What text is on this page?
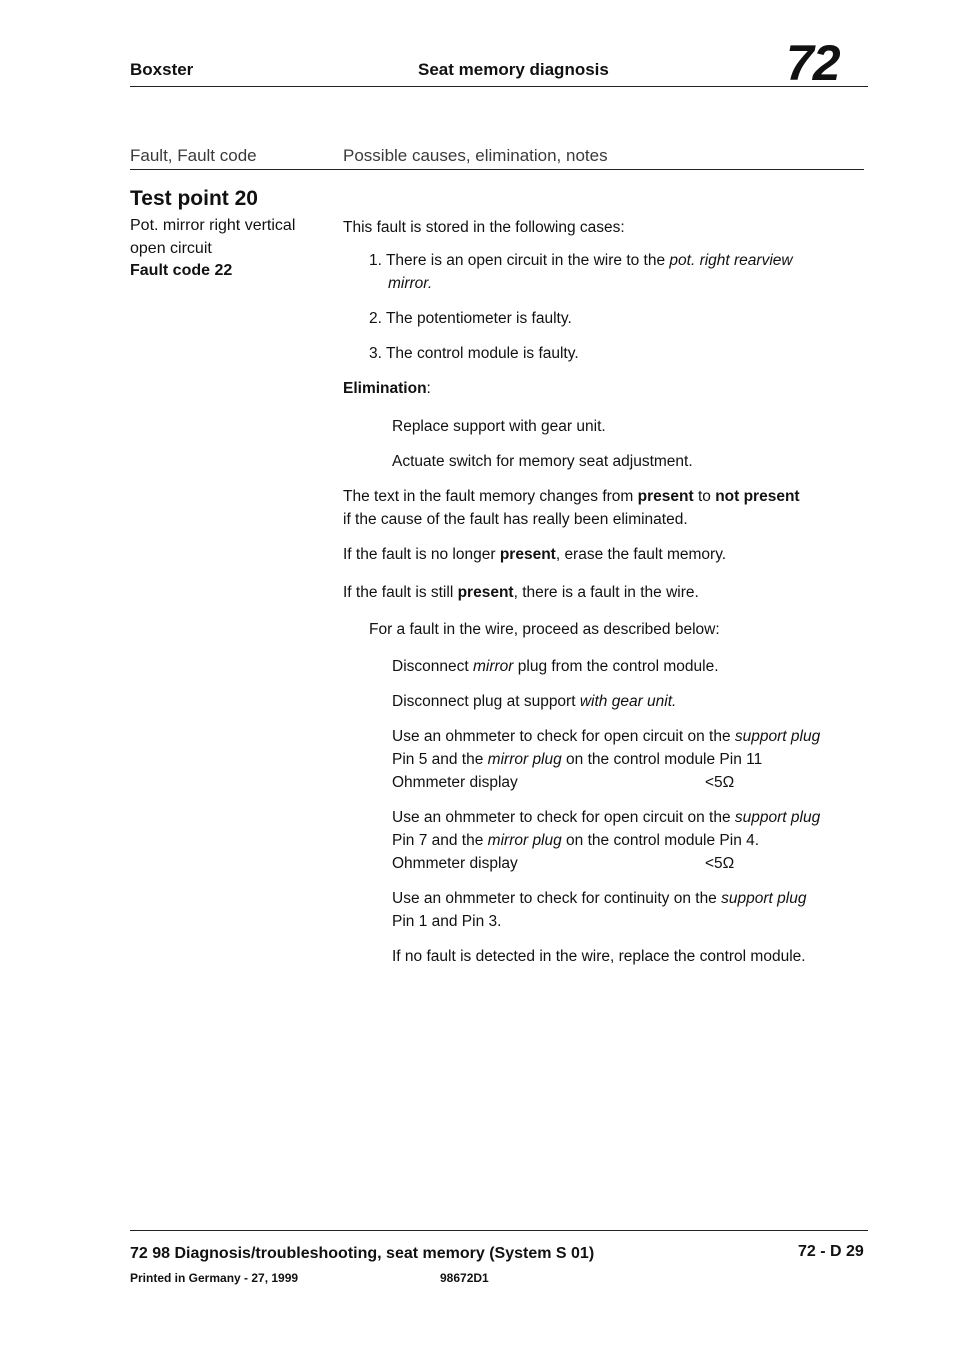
Boxster	Seat memory diagnosis	72
Fault, Fault code	Possible causes, elimination, notes
Test point 20
Pot. mirror right vertical
open circuit
Fault code 22
This fault is stored in the following cases:
1. There is an open circuit in the wire to the pot. right rearview
mirror.
2. The potentiometer is faulty.
3. The control module is faulty.
Elimination:
Replace support with gear unit.
Actuate switch for memory seat adjustment.
The text in the fault memory changes from present to not present
if the cause of the fault has really been eliminated.
If the fault is no longer present, erase the fault memory.
If the fault is still present, there is a fault in the wire.
For a fault in the wire, proceed as described below:
Disconnect mirror plug from the control module.
Disconnect plug at support with gear unit.
Use an ohmmeter to check for open circuit on the support plug
Pin 5 and the mirror plug on the control module Pin 11
Ohmmeter display	<5Ω
Use an ohmmeter to check for open circuit on the support plug
Pin 7 and the mirror plug on the control module Pin 4.
Ohmmeter display	<5Ω
Use an ohmmeter to check for continuity on the support plug
Pin 1 and Pin 3.
If no fault is detected in the wire, replace the control module.
72 98 Diagnosis/troubleshooting, seat memory (System S 01)	72 - D 29
Printed in Germany - 27, 1999	98672D1
